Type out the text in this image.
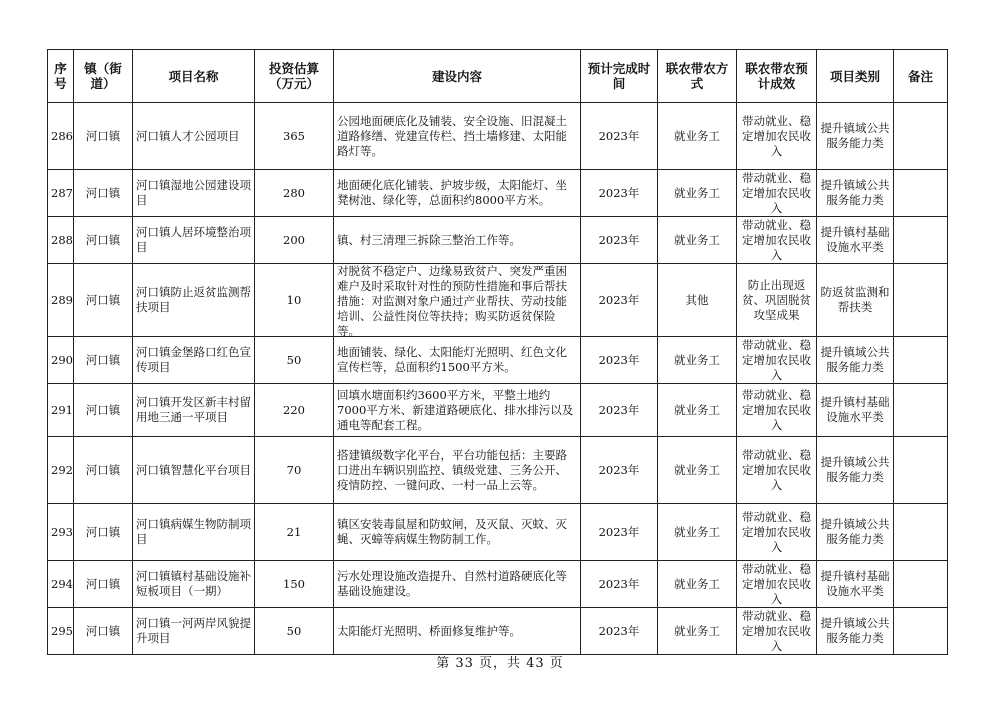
序号	镇（街道）	项目名称	投资估算（万元）	建设内容	预计完成时间	联农带农方式	联农带农预计成效	项目类别	备注

286	河口镇	河口镇人才公园项目	365	公园地面硬底化及铺装、安全设施、旧混凝土道路修缮、党建宣传栏、挡土墙修建、太阳能路灯等。	2023年	就业务工	带动就业、稳定增加农民收入	提升镇域公共服务能力类	

287	河口镇	河口镇湿地公园建设项目	280	地面硬化底化铺装、护坡步级，太阳能灯、坐凳树池、绿化等，总面积约8000平方米。	2023年	就业务工	带动就业、稳定增加农民收入	提升镇域公共服务能力类	

288	河口镇	河口镇人居环境整治项目	200	镇、村三清理三拆除三整治工作等。	2023年	就业务工	带动就业、稳定增加农民收入	提升镇村基础设施水平类	

289	河口镇	河口镇防止返贫监测帮扶项目	10	对脱贫不稳定户、边缘易致贫户、突发严重困难户及时采取针对性的预防性措施和事后帮扶措施：对监测对象户通过产业帮扶、劳动技能培训、公益性岗位等扶持；购买防返贫保险等。	2023年	其他	防止出现返贫、巩固脱贫攻坚成果	防返贫监测和帮扶类	

290	河口镇	河口镇金堡路口红色宣传项目	50	地面铺装、绿化、太阳能灯光照明、红色文化宣传栏等，总面积约1500平方米。	2023年	就业务工	带动就业、稳定增加农民收入	提升镇域公共服务能力类	

291	河口镇	河口镇开发区新丰村留用地三通一平项目	220	回填水塘面积约3600平方米，平整土地约7000平方米、新建道路硬底化、排水排污以及通电等配套工程。	2023年	就业务工	带动就业、稳定增加农民收入	提升镇村基础设施水平类	

292	河口镇	河口镇智慧化平台项目	70	搭建镇级数字化平台，平台功能包括：主要路口进出车辆识别监控、镇级党建、三务公开、疫情防控、一键问政、一村一品上云等。	2023年	就业务工	带动就业、稳定增加农民收入	提升镇域公共服务能力类	

293	河口镇	河口镇病媒生物防制项目	21	镇区安装毒鼠屋和防蚊闸，及灭鼠、灭蚊、灭蝇、灭蟑等病媒生物防制工作。	2023年	就业务工	带动就业、稳定增加农民收入	提升镇域公共服务能力类	

294	河口镇	河口镇镇村基础设施补短板项目（一期）	150	污水处理设施改造提升、自然村道路硬底化等基础设施建设。	2023年	就业务工	带动就业、稳定增加农民收入	提升镇村基础设施水平类	

295	河口镇	河口镇一河两岸风貌提升项目	50	太阳能灯光照明、桥面修复维护等。	2023年	就业务工	带动就业、稳定增加农民收入	提升镇域公共服务能力类	

第 33 页，共 43 页
